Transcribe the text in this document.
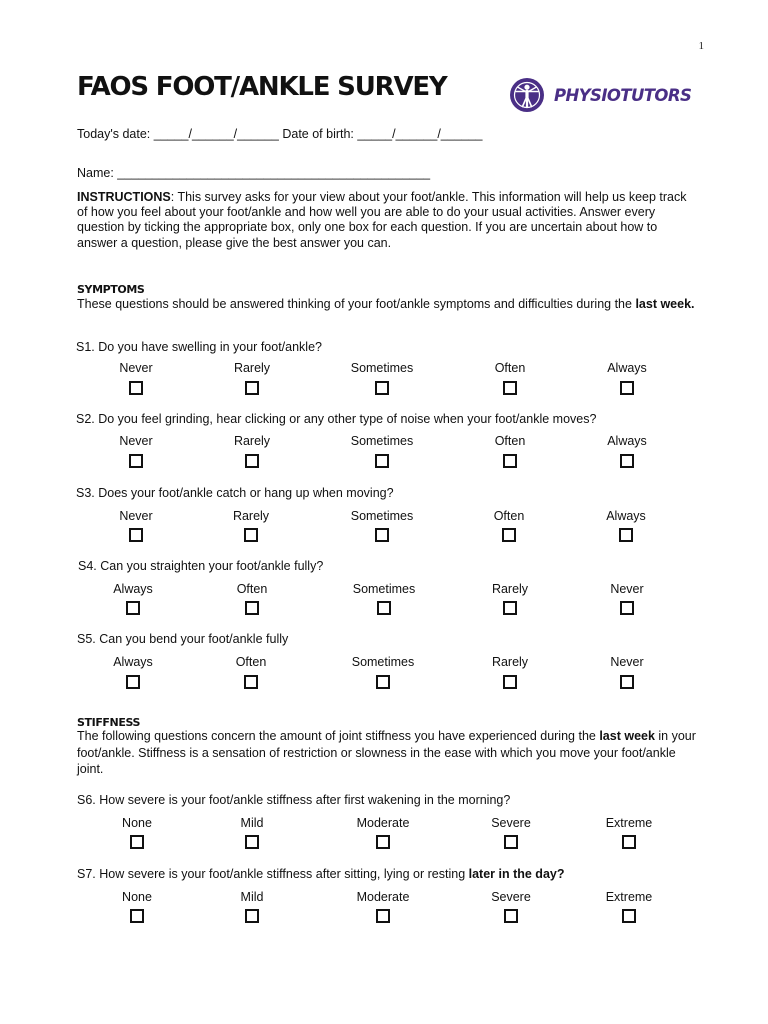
1
FAOS FOOT/ANKLE SURVEY	PHYSIOTUTORS
Today's date: _____/______/______ Date of birth: _____/______/______
Name: _____________________________________________
INSTRUCTIONS: This survey asks for your view about your foot/ankle. This information will help us keep track of how you feel about your foot/ankle and how well you are able to do your usual activities. Answer every question by ticking the appropriate box, only one box for each question. If you are uncertain about how to answer a question, please give the best answer you can.
SYMPTOMS
These questions should be answered thinking of your foot/ankle symptoms and difficulties during the last week.
STIFFNESS
The following questions concern the amount of joint stiffness you have experienced during the last week in your foot/ankle. Stiffness is a sensation of restriction or slowness in the ease with which you move your foot/ankle joint.
S1. Do you have swelling in your foot/ankle?
Never	Rarely	Sometimes	Often	Always
S2. Do you feel grinding, hear clicking or any other type of noise when your foot/ankle moves?
Never	Rarely	Sometimes	Often	Always
S3. Does your foot/ankle catch or hang up when moving?
Never	Rarely	Sometimes	Often	Always
S4. Can you straighten your foot/ankle fully?
Always	Often	Sometimes	Rarely	Never
S5. Can you bend your foot/ankle fully
Always	Often	Sometimes	Rarely	Never
S6. How severe is your foot/ankle stiffness after first wakening in the morning?
None	Mild	Moderate	Severe	Extreme
S7. How severe is your foot/ankle stiffness after sitting, lying or resting later in the day?
None	Mild	Moderate	Severe	Extreme
